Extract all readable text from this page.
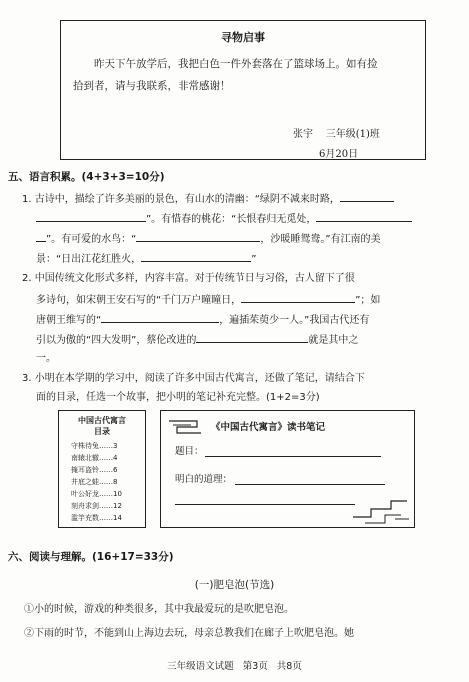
寻物启事
昨天下午放学后，我把白色一件外套落在了篮球场上。如有捡
拾到者，请与我联系，非常感谢！
张宇    三年级(1)班
6月20日
五、语言积累。(4+3+3=10分)
1. 古诗中，描绘了许多美丽的景色，有山水的清幽：“绿阴不减来时路，
”。有惜春的桃花：“长恨春归无觅处，
”。有可爱的水鸟：“	，沙暖睡鸳鸯。”有江南的美
景：“日出江花红胜火，	”
2. 中国传统文化形式多样，内容丰富。对于传统节日与习俗，古人留下了很
多诗句，如宋朝王安石写的“千门万户曈曈日，	”；如
唐朝王维写的“	，遍插茱萸少一人。”我国古代还有
引以为傲的“四大发明”，蔡伦改进的	就是其中之
一。
3. 小明在本学期的学习中，阅读了许多中国古代寓言，还做了笔记，请结合下
面的目录，任选一个故事，把小明的笔记补充完整。(1+2=3分)
中国古代寓言
目录
守株待兔……3
南辕北辙……4
掩耳盗铃……6
井底之蛙……8
叶公好龙……10
刻舟求剑……12
滥竽充数……14
《中国古代寓言》读书笔记
题目：
明白的道理：
六、阅读与理解。(16+17=33分)
(一)肥皂泡(节选)
①小的时候，游戏的种类很多，其中我最爱玩的是吹肥皂泡。
②下雨的时节，不能到山上海边去玩，母亲总教我们在廊子上吹肥皂泡。她
三年级语文试题   第3页   共8页
